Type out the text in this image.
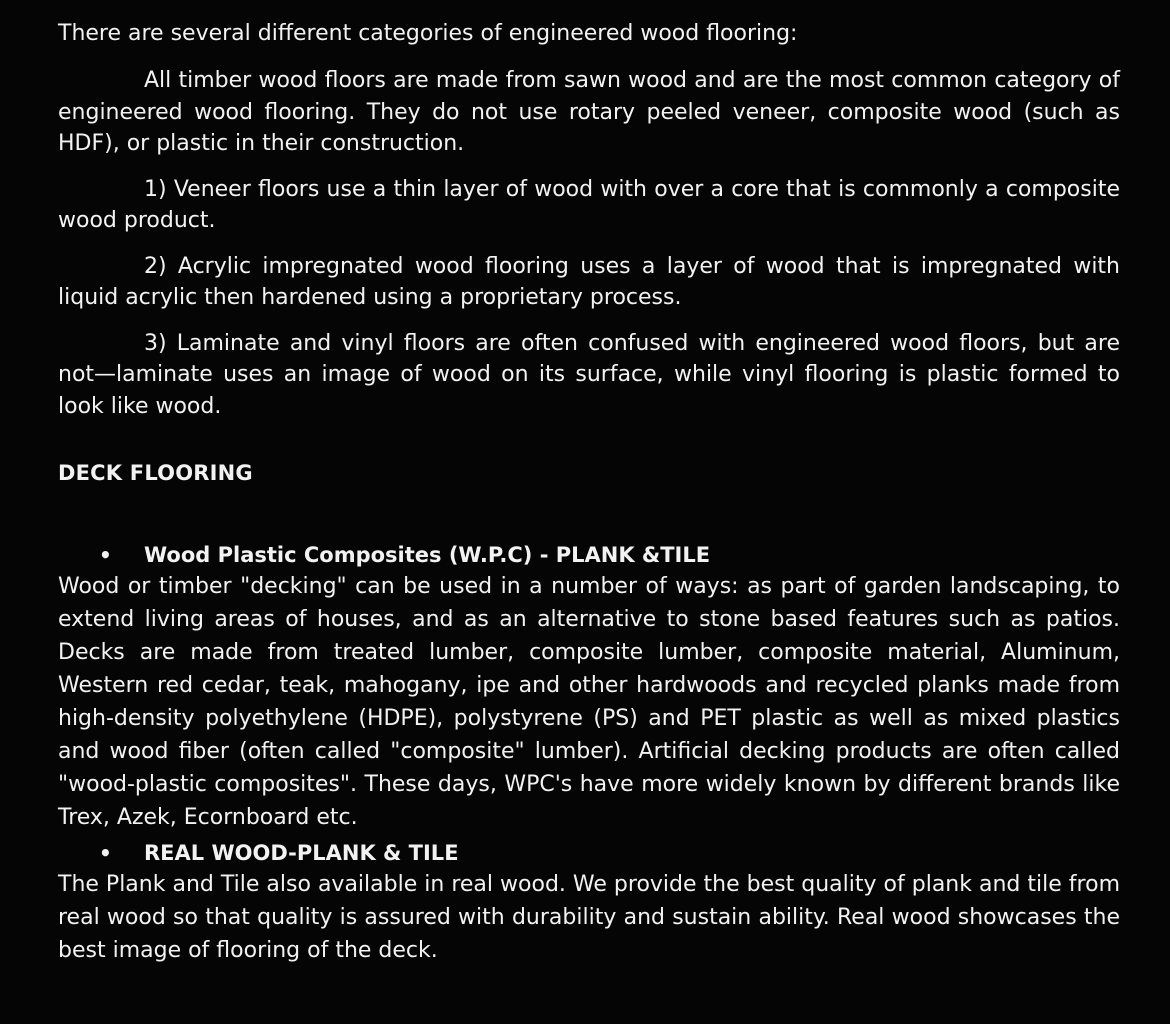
There are several different categories of engineered wood flooring:

All timber wood floors are made from sawn wood and are the most common category of engineered wood flooring. They do not use rotary peeled veneer, composite wood (such as HDF), or plastic in their construction.

1) Veneer floors use a thin layer of wood with over a core that is commonly a composite wood product.

2) Acrylic impregnated wood flooring uses a layer of wood that is impregnated with liquid acrylic then hardened using a proprietary process.

3) Laminate and vinyl floors are often confused with engineered wood floors, but are not—laminate uses an image of wood on its surface, while vinyl flooring is plastic formed to look like wood.

DECK FLOORING
•	Wood Plastic Composites (W.P.C) - PLANK &TILE

Wood or timber "decking" can be used in a number of ways: as part of garden landscaping, to extend living areas of houses, and as an alternative to stone based features such as patios. Decks are made from treated lumber, composite lumber, composite material, Aluminum, Western red cedar, teak, mahogany, ipe and other hardwoods and recycled planks made from high-density polyethylene (HDPE), polystyrene (PS) and PET plastic as well as mixed plastics and wood fiber (often called "composite" lumber). Artificial decking products are often called "wood-plastic composites". These days, WPC's have more widely known by different brands like Trex, Azek, Ecornboard etc.

•	REAL WOOD-PLANK & TILE

The Plank and Tile also available in real wood. We provide the best quality of plank and tile from real wood so that quality is assured with durability and sustain ability. Real wood showcases the best image of flooring of the deck.
